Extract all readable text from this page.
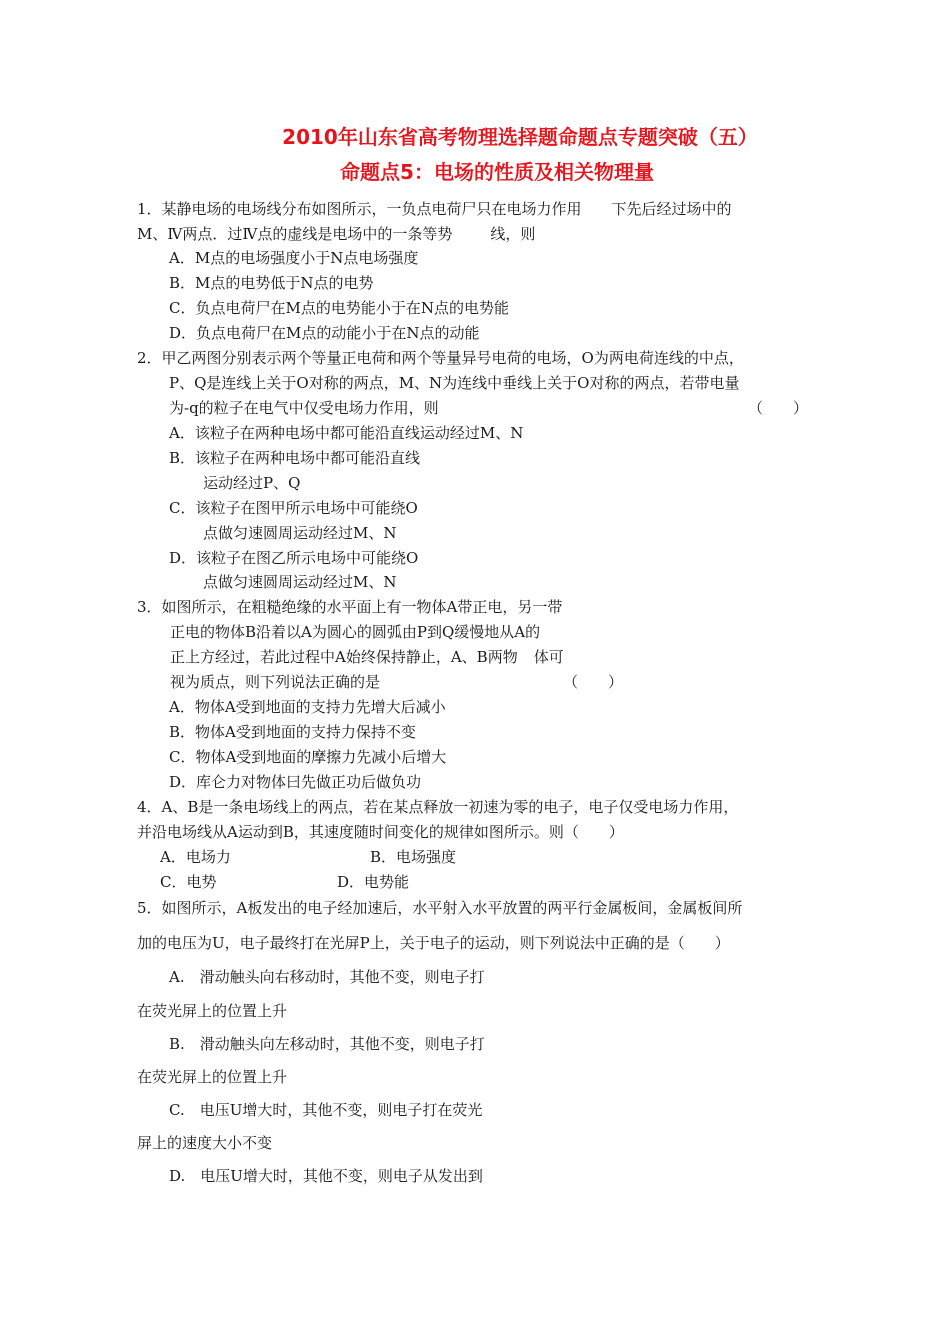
2010年山东省高考物理选择题命题点专题突破（五）
命题点5：电场的性质及相关物理量
1．某静电场的电场线分布如图所示，一负点电荷尸只在电场力作用 下先后经过场中的
M、Ⅳ两点．过Ⅳ点的虚线是电场中的一条等势	线，则
A．M点的电场强度小于N点电场强度
B．M点的电势低于N点的电势
C．负点电荷尸在M点的电势能小于在N点的电势能
D．负点电荷尸在M点的动能小于在N点的动能
2．甲乙两图分别表示两个等量正电荷和两个等量异号电荷的电场，O为两电荷连线的中点，
P、Q是连线上关于O对称的两点，M、N为连线中垂线上关于O对称的两点，若带电量
为-q的粒子在电气中仅受电场力作用，则	（　　）
A．该粒子在两种电场中都可能沿直线运动经过M、N
B．该粒子在两种电场中都可能沿直线
运动经过P、Q
C．该粒子在图甲所示电场中可能绕O
点做匀速圆周运动经过M、N
D．该粒子在图乙所示电场中可能绕O
点做匀速圆周运动经过M、N
3．如图所示，在粗糙绝缘的水平面上有一物体A带正电，另一带
正电的物体B沿着以A为圆心的圆弧由P到Q缓慢地从A的
正上方经过，若此过程中A始终保持静止，A、B两物 体可
视为质点，则下列说法正确的是	（　　）
A．物体A受到地面的支持力先增大后减小
B．物体A受到地面的支持力保持不变
C．物体A受到地面的摩擦力先减小后增大
D．库仑力对物体曰先做正功后做负功
4．A、B是一条电场线上的两点，若在某点释放一初速为零的电子，电子仅受电场力作用，
并沿电场线从A运动到B，其速度随时间变化的规律如图所示。则（　　）
A．电场力	B．电场强度
C．电势	D．电势能
5．如图所示，A板发出的电子经加速后，水平射入水平放置的两平行金属板间，金属板间所
加的电压为U，电子最终打在光屏P上，关于电子的运动，则下列说法中正确的是（　　）
A.　滑动触头向右移动时，其他不变，则电子打
在荧光屏上的位置上升
B.　滑动触头向左移动时，其他不变，则电子打
在荧光屏上的位置上升
C.　电压U增大时，其他不变，则电子打在荧光
屏上的速度大小不变
D.　电压U增大时，其他不变，则电子从发出到
